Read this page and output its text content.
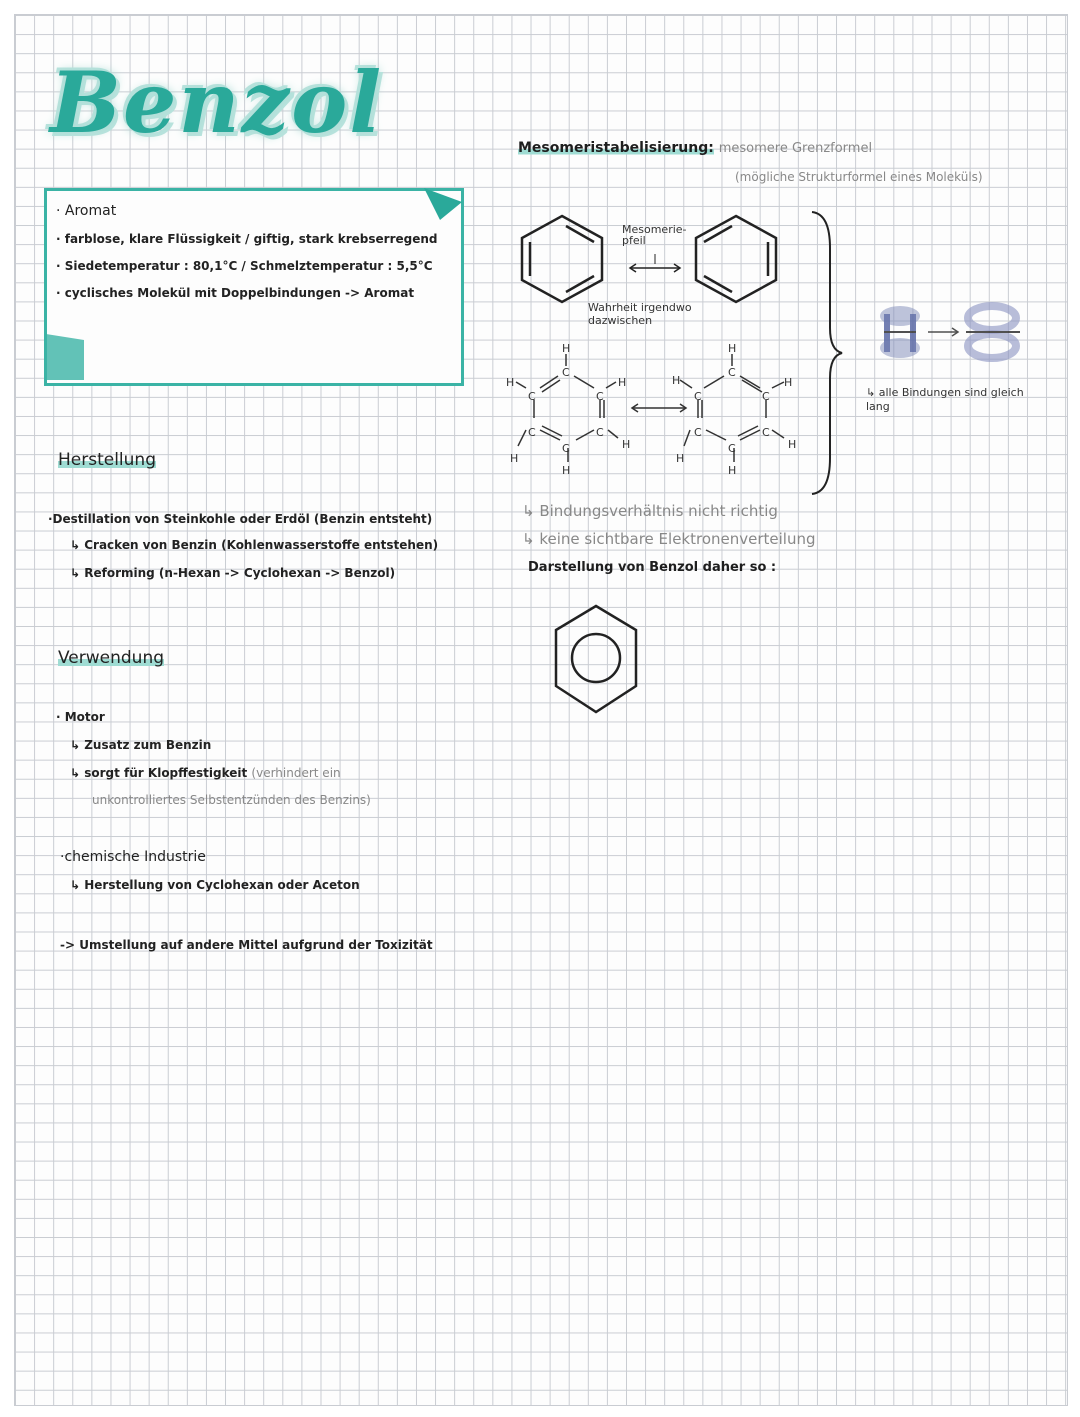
Benzol
· Aromat
· farblose, klare Flüssigkeit / giftig, stark krebserregend
· Siedetemperatur : 80,1°C / Schmelztemperatur : 5,5°C
· cyclisches Molekül mit Doppelbindungen -> Aromat
Herstellung
·Destillation von Steinkohle oder Erdöl (Benzin entsteht)
↳ Cracken von Benzin (Kohlenwasserstoffe entstehen)
↳ Reforming (n-Hexan -> Cyclohexan -> Benzol)
Verwendung
· Motor
↳ Zusatz zum Benzin
↳ sorgt für Klopffestigkeit (verhindert ein
unkontrolliertes Selbstentzünden des Benzins)
·chemische Industrie
↳ Herstellung von Cyclohexan oder Aceton
-> Umstellung auf andere Mittel aufgrund der Toxizität
Mesomeristabelisierung: mesomere Grenzformel
(mögliche Strukturformel eines Moleküls)
Mesomerie-pfeil
Wahrheit irgendwo dazwischen
H
C
C	C
C	C
C
H
H	H
H
H
H
C
C	C
C	C
C
H
H	H
H
H
↳ alle Bindungen sind gleich lang
↳ Bindungsverhältnis nicht richtig
↳ keine sichtbare Elektronenverteilung
Darstellung von Benzol daher so :
